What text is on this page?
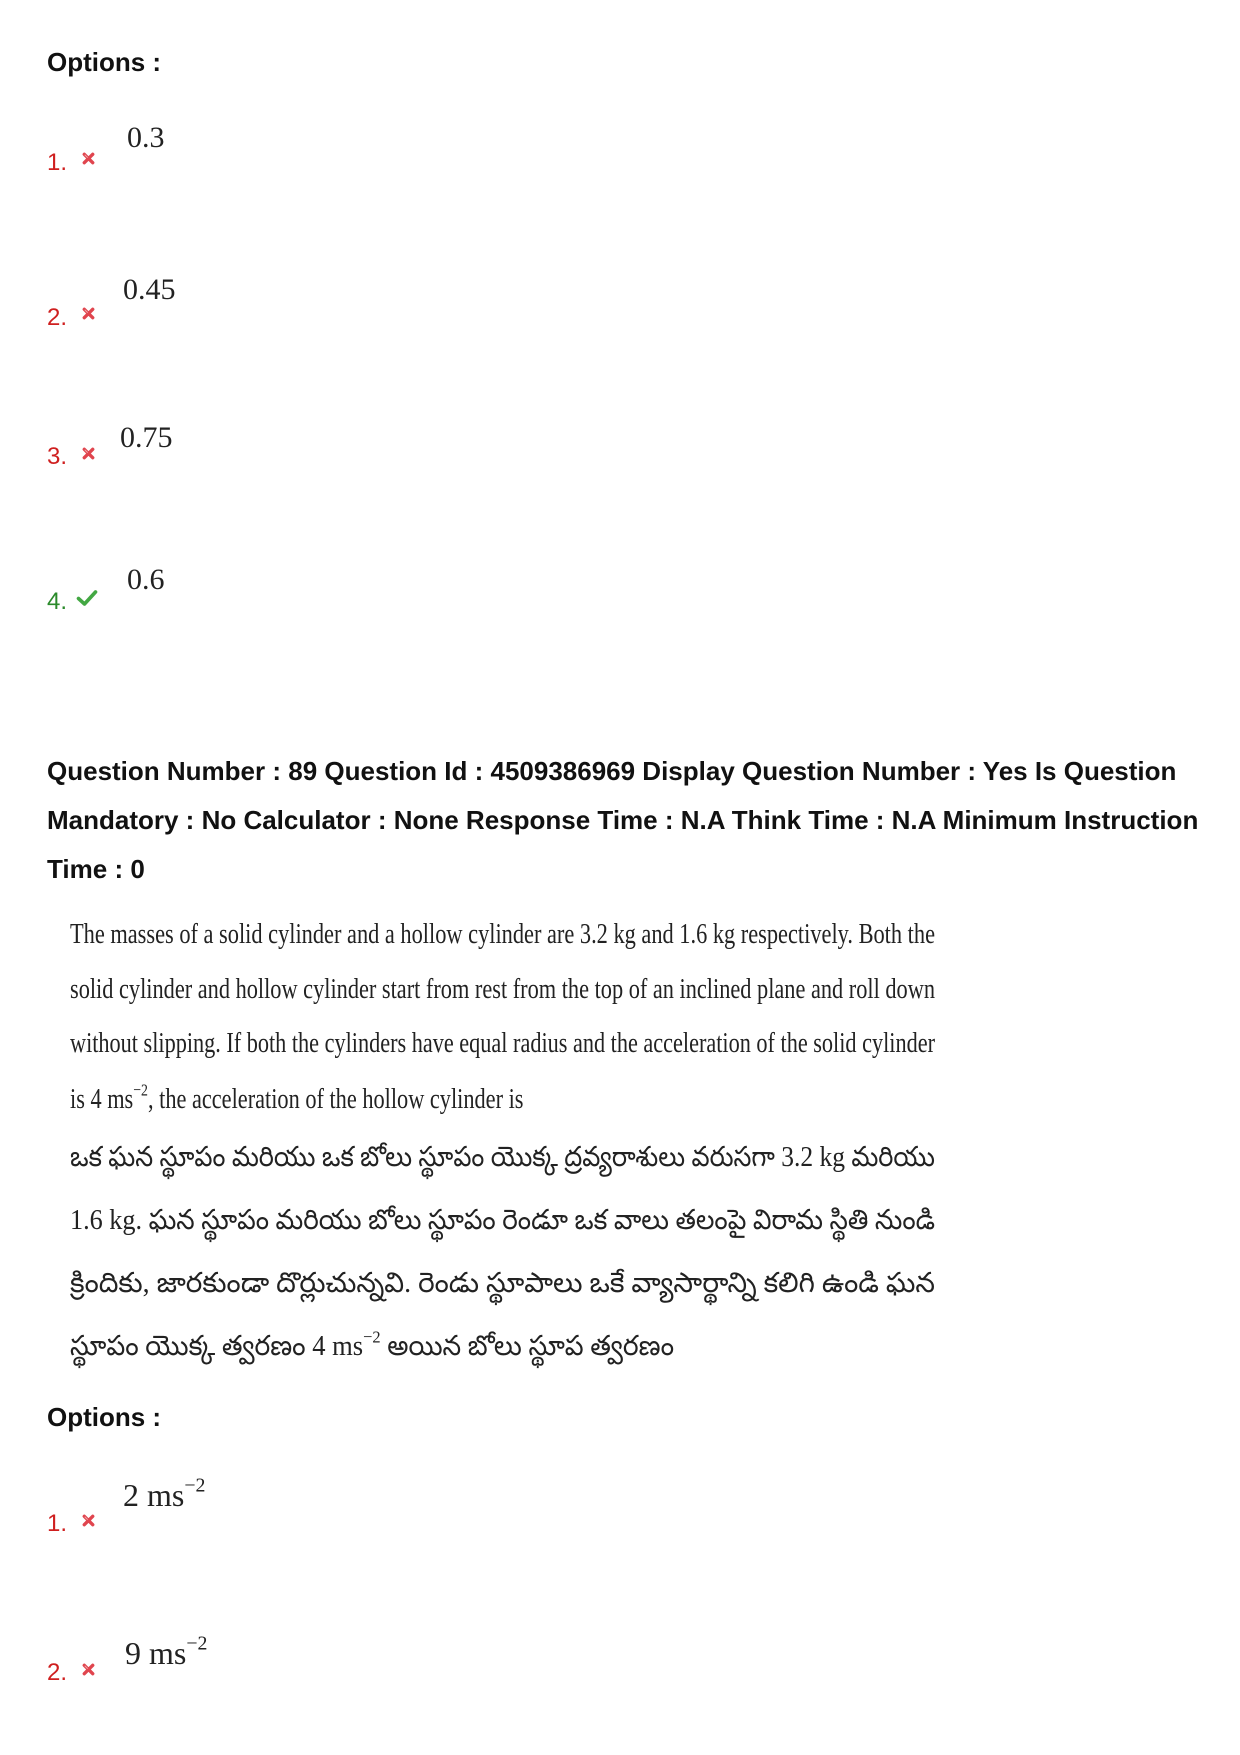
Options :
1.
0.3
2.
0.45
3.
0.75
4.
0.6
Question Number : 89 Question Id : 4509386969 Display Question Number : Yes Is Question Mandatory : No Calculator : None Response Time : N.A Think Time : N.A Minimum Instruction Time : 0
The masses of a solid cylinder and a hollow cylinder are 3.2 kg and 1.6 kg respectively. Both the
solid cylinder and hollow cylinder start from rest from the top of an inclined plane and roll down
without slipping. If both the cylinders have equal radius and the acceleration of the solid cylinder
is 4 $ms^{-2}$, the acceleration of the hollow cylinder is
ఒక ఘన స్థూపం మరియు ఒక బోలు స్థూపం యొక్క ద్రవ్యరాశులు వరుసగా 3.2 kg మరియు
1.6 kg. ఘన స్థూపం మరియు బోలు స్థూపం రెండూ ఒక వాలు తలంపై విరామ స్థితి నుండి
క్రిందికు, జారకుండా దొర్లుచున్నవి. రెండు స్థూపాలు ఒకే వ్యాసార్థాన్ని కలిగి ఉండి ఘన
స్థూపం యొక్క త్వరణం 4 $ms^{-2}$ అయిన బోలు స్థూప త్వరణం
Options :
1.
2 $ms^{-2}$
2.
9 $ms^{-2}$
